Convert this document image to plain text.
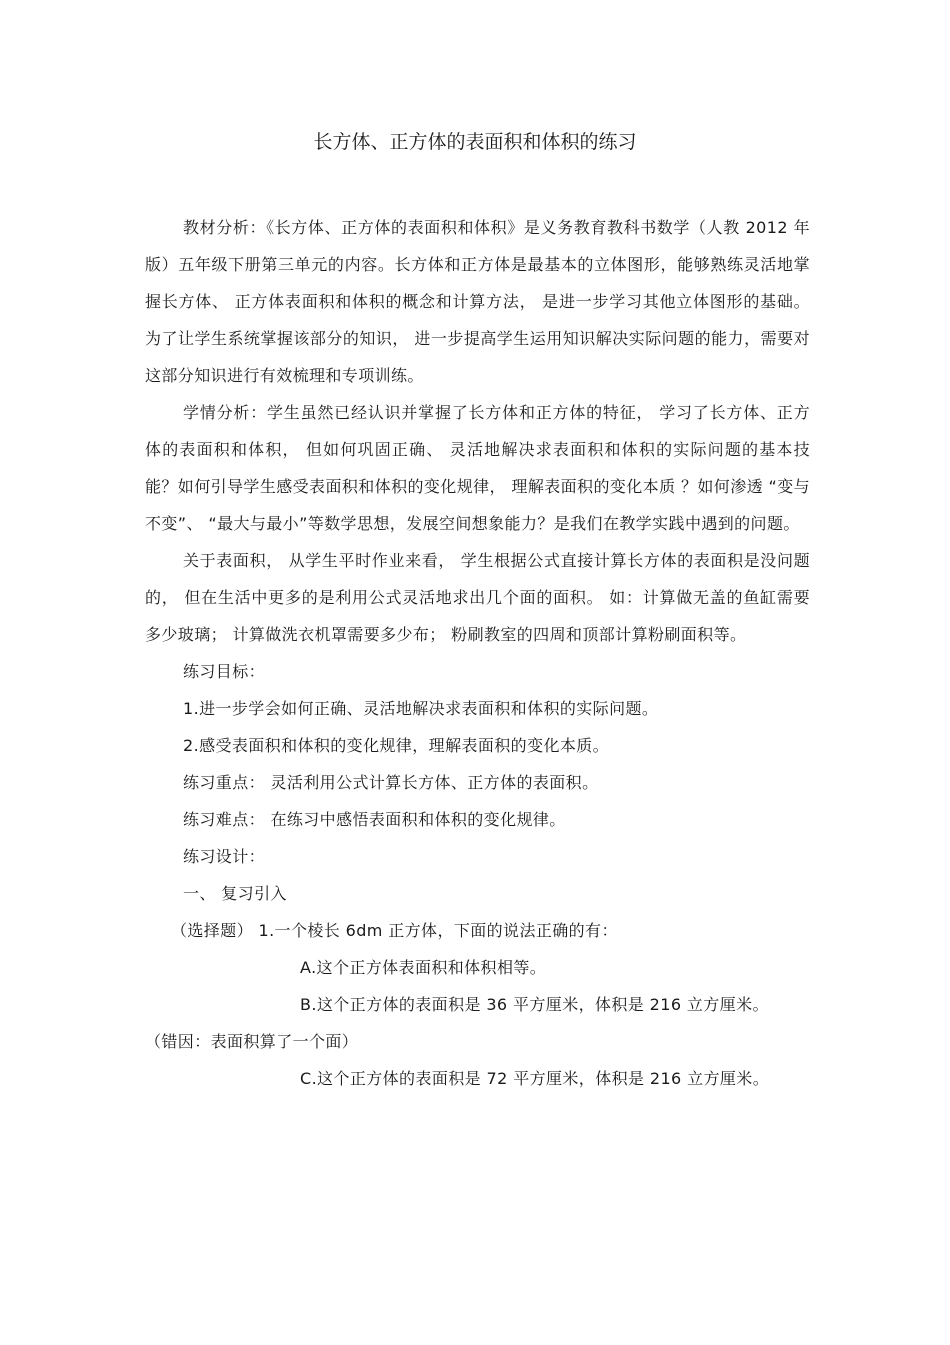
长方体、正方体的表面积和体积的练习

教材分析：《长方体、正方体的表面积和体积》是义务教育教科书数学（人教 2012 年版）五年级下册第三单元的内容。长方体和正方体是最基本的立体图形，能够熟练灵活地掌握长方体、 正方体表面积和体积的概念和计算方法， 是进一步学习其他立体图形的基础。 为了让学生系统掌握该部分的知识， 进一步提高学生运用知识解决实际问题的能力，需要对这部分知识进行有效梳理和专项训练。

学情分析：学生虽然已经认识并掌握了长方体和正方体的特征， 学习了长方体、正方体的表面积和体积， 但如何巩固正确、 灵活地解决求表面积和体积的实际问题的基本技能？如何引导学生感受表面积和体积的变化规律， 理解表面积的变化本质 ？如何渗透 “变与不变”、 “最大与最小”等数学思想，发展空间想象能力？是我们在教学实践中遇到的问题。

关于表面积， 从学生平时作业来看， 学生根据公式直接计算长方体的表面积是没问题的， 但在生活中更多的是利用公式灵活地求出几个面的面积。 如：计算做无盖的鱼缸需要多少玻璃； 计算做洗衣机罩需要多少布； 粉刷教室的四周和顶部计算粉刷面积等。

练习目标：

1.进一步学会如何正确、灵活地解决求表面积和体积的实际问题。

2.感受表面积和体积的变化规律，理解表面积的变化本质。

练习重点： 灵活利用公式计算长方体、正方体的表面积。

练习难点： 在练习中感悟表面积和体积的变化规律。

练习设计：

一、 复习引入

（选择题） 1.一个棱长 6dm 正方体，下面的说法正确的有：

A.这个正方体表面积和体积相等。

B.这个正方体的表面积是 36 平方厘米，体积是 216 立方厘米。

（错因：表面积算了一个面）

C.这个正方体的表面积是 72 平方厘米，体积是 216 立方厘米。
